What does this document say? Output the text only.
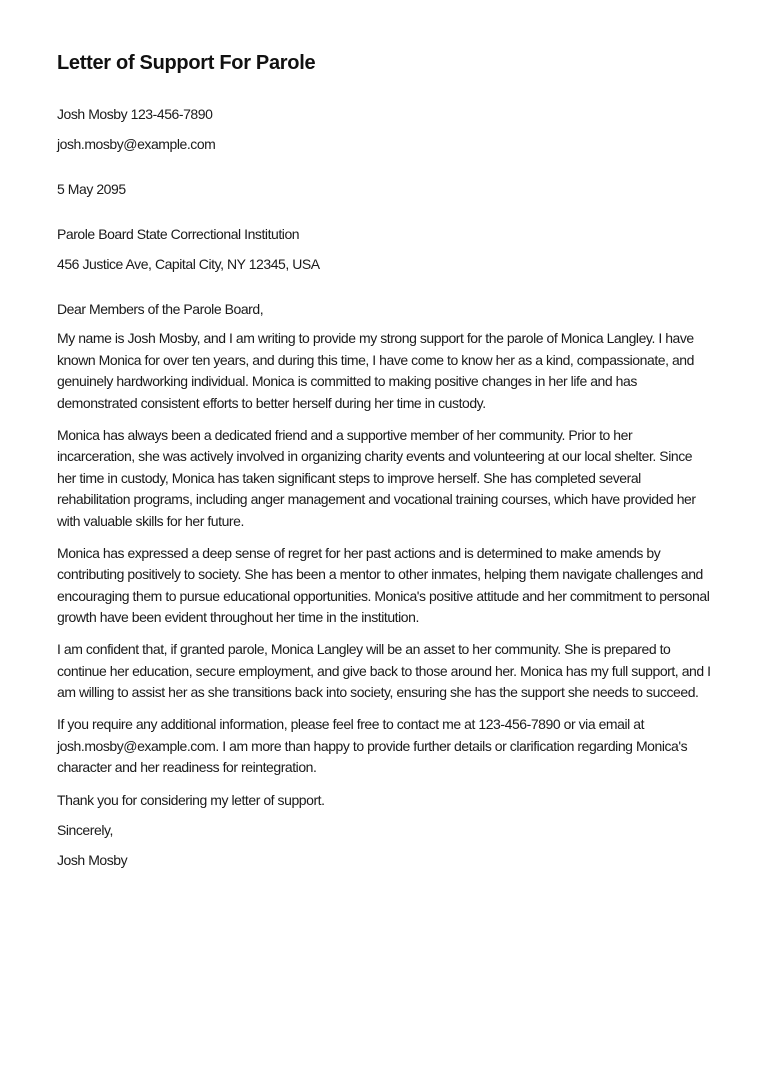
Letter of Support For Parole

Josh Mosby 123-456-7890

josh.mosby@example.com

5 May 2095

Parole Board State Correctional Institution

456 Justice Ave, Capital City, NY 12345, USA

Dear Members of the Parole Board,

My name is Josh Mosby, and I am writing to provide my strong support for the parole of Monica Langley. I have known Monica for over ten years, and during this time, I have come to know her as a kind, compassionate, and genuinely hardworking individual. Monica is committed to making positive changes in her life and has demonstrated consistent efforts to better herself during her time in custody.

Monica has always been a dedicated friend and a supportive member of her community. Prior to her incarceration, she was actively involved in organizing charity events and volunteering at our local shelter. Since her time in custody, Monica has taken significant steps to improve herself. She has completed several rehabilitation programs, including anger management and vocational training courses, which have provided her with valuable skills for her future.

Monica has expressed a deep sense of regret for her past actions and is determined to make amends by contributing positively to society. She has been a mentor to other inmates, helping them navigate challenges and encouraging them to pursue educational opportunities. Monica's positive attitude and her commitment to personal growth have been evident throughout her time in the institution.

I am confident that, if granted parole, Monica Langley will be an asset to her community. She is prepared to continue her education, secure employment, and give back to those around her. Monica has my full support, and I am willing to assist her as she transitions back into society, ensuring she has the support she needs to succeed.

If you require any additional information, please feel free to contact me at 123-456-7890 or via email at josh.mosby@example.com. I am more than happy to provide further details or clarification regarding Monica's character and her readiness for reintegration.

Thank you for considering my letter of support.

Sincerely,

Josh Mosby
